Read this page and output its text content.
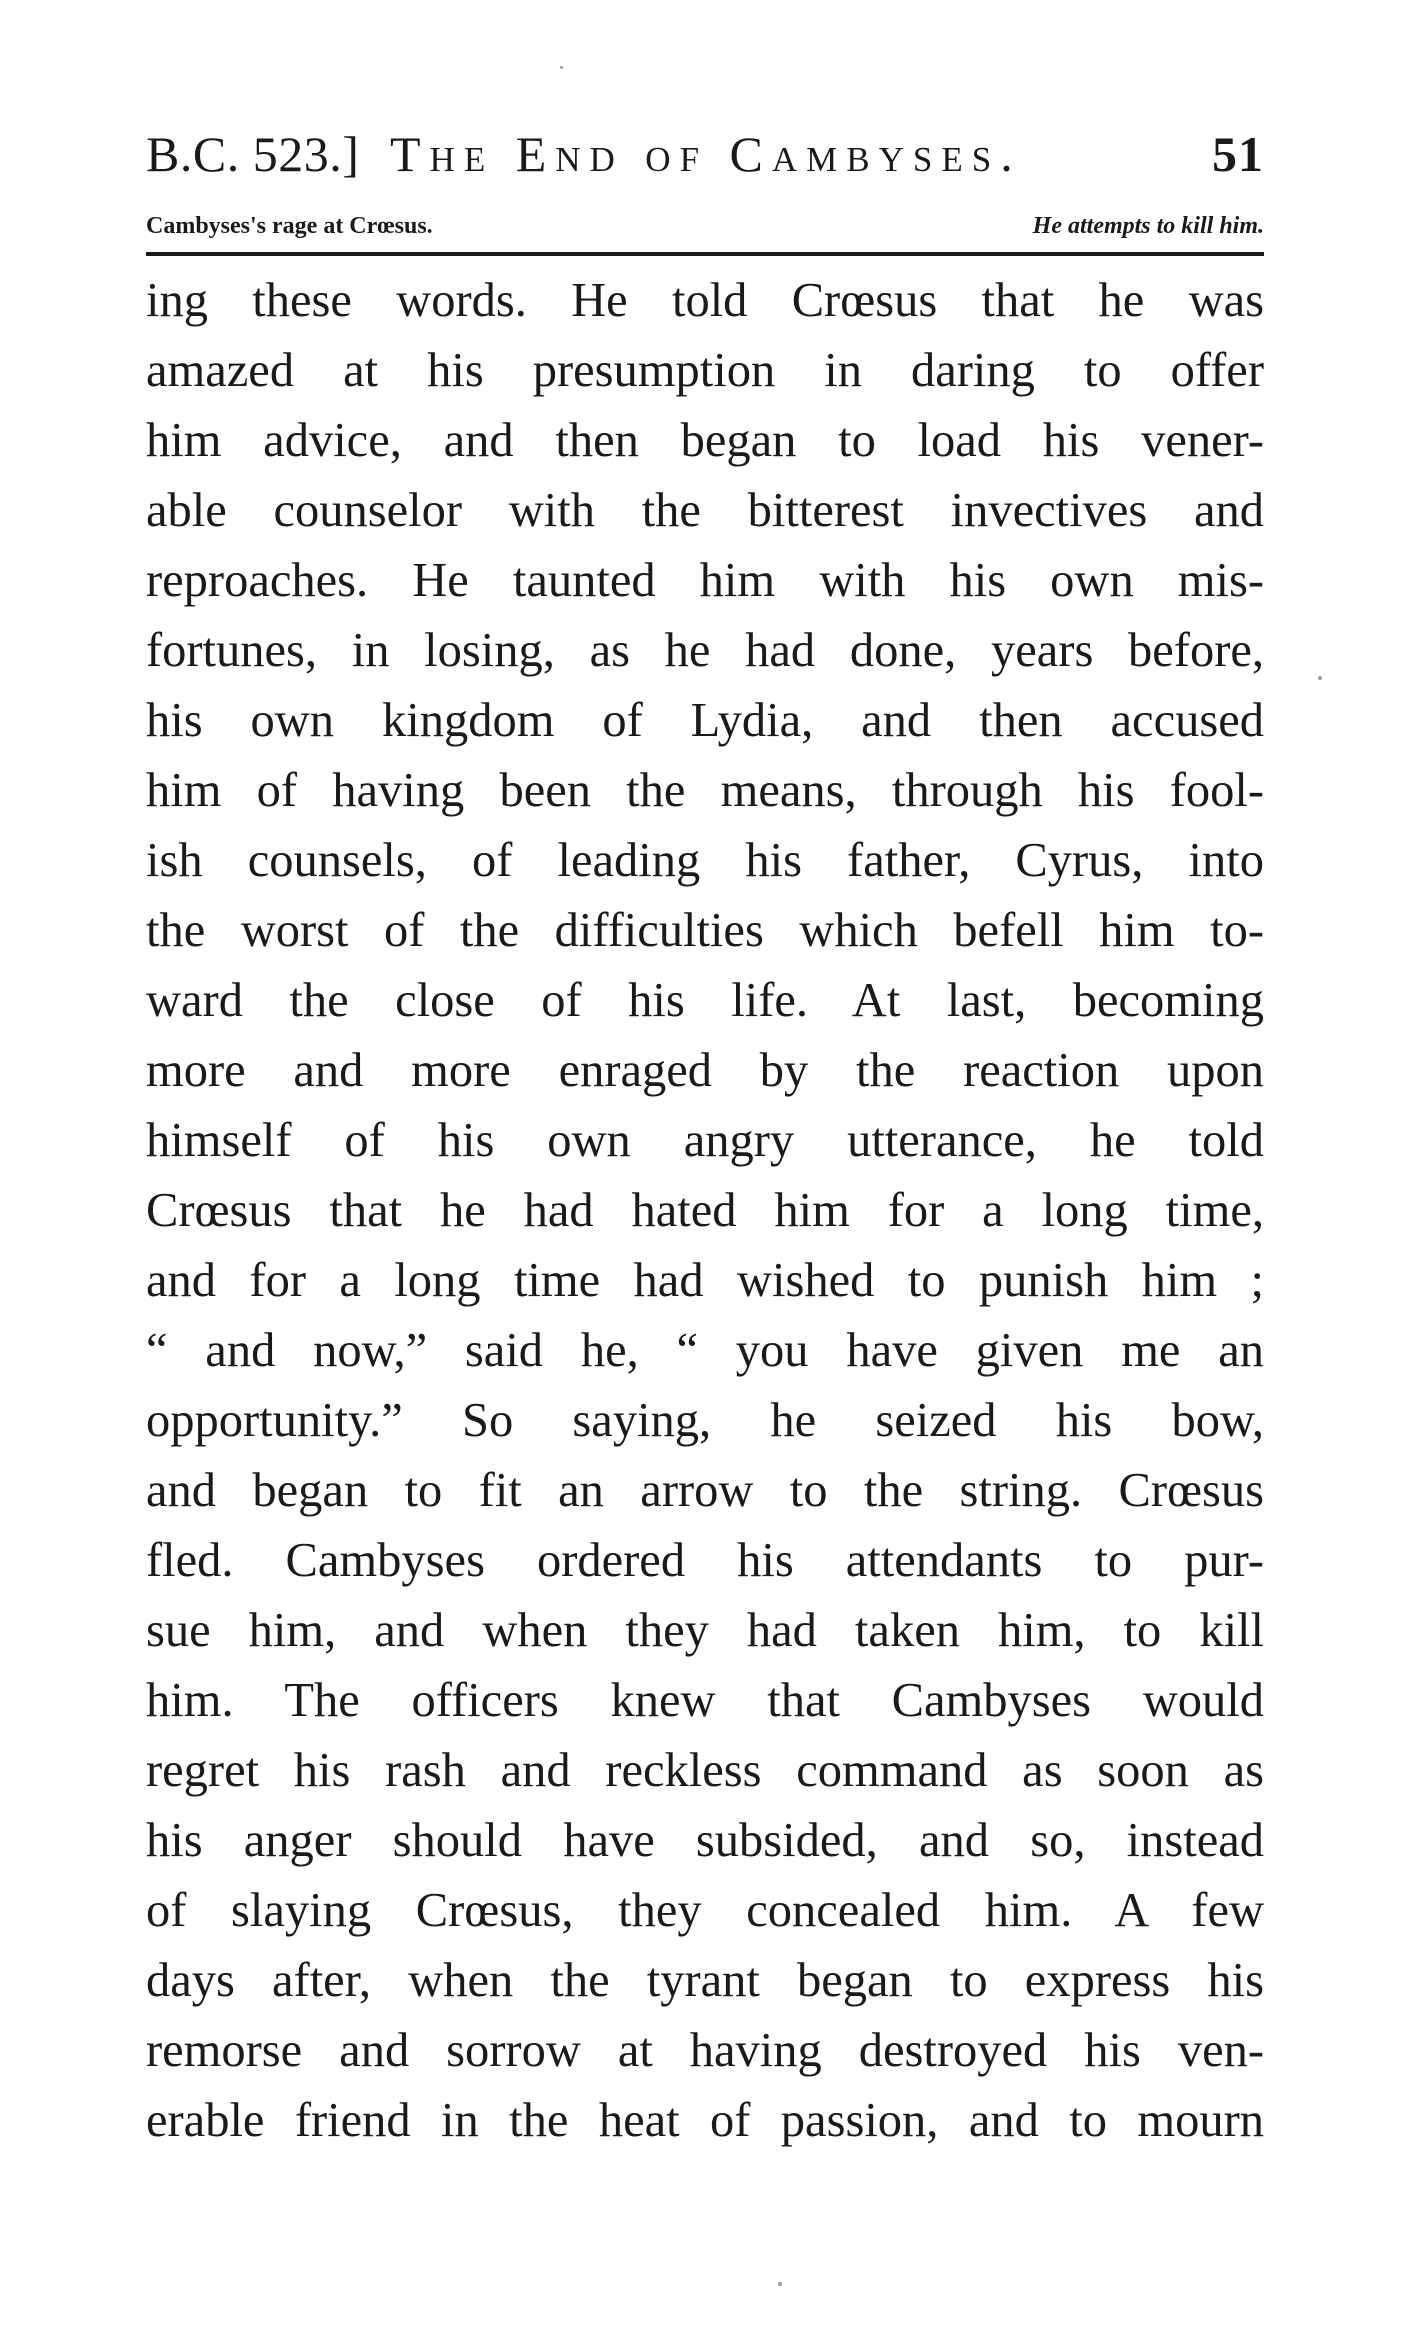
B.C. 523.] The End of Cambyses.	51
Cambyses's rage at Crœsus.	He attempts to kill him.
ing these words. He told Crœsus that he was
amazed at his presumption in daring to offer
him advice, and then began to load his vener-
able counselor with the bitterest invectives and
reproaches. He taunted him with his own mis-
fortunes, in losing, as he had done, years before,
his own kingdom of Lydia, and then accused
him of having been the means, through his fool-
ish counsels, of leading his father, Cyrus, into
the worst of the difficulties which befell him to-
ward the close of his life. At last, becoming
more and more enraged by the reaction upon
himself of his own angry utterance, he told
Crœsus that he had hated him for a long time,
and for a long time had wished to punish him ;
“ and now,” said he, “ you have given me an
opportunity.” So saying, he seized his bow,
and began to fit an arrow to the string. Crœsus
fled. Cambyses ordered his attendants to pur-
sue him, and when they had taken him, to kill
him. The officers knew that Cambyses would
regret his rash and reckless command as soon as
his anger should have subsided, and so, instead
of slaying Crœsus, they concealed him. A few
days after, when the tyrant began to express his
remorse and sorrow at having destroyed his ven-
erable friend in the heat of passion, and to mourn
